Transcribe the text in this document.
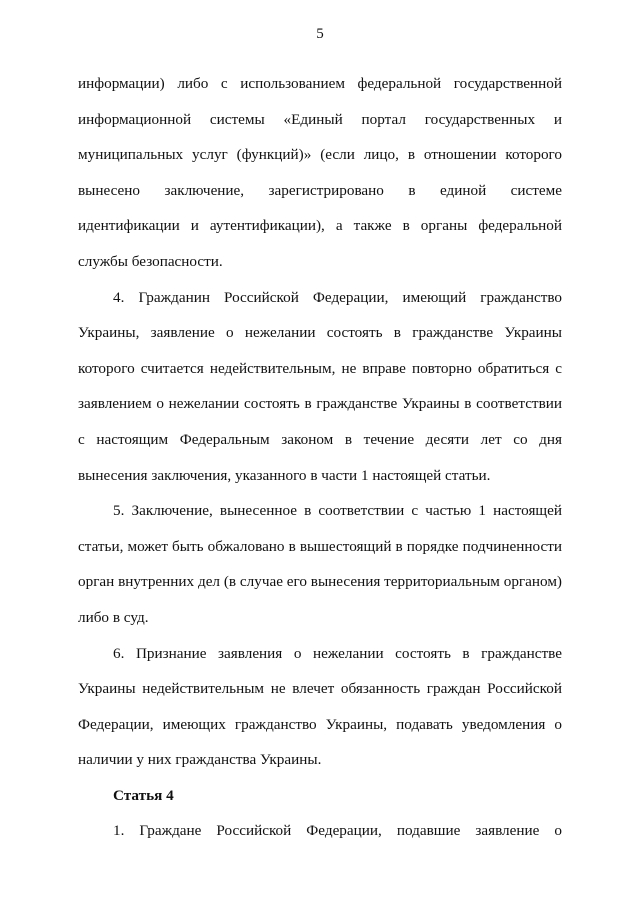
5

информации) либо с использованием федеральной государственной информационной системы «Единый портал государственных и муниципальных услуг (функций)» (если лицо, в отношении которого вынесено заключение, зарегистрировано в единой системе идентификации и аутентификации), а также в органы федеральной службы безопасности.

4. Гражданин Российской Федерации, имеющий гражданство Украины, заявление о нежелании состоять в гражданстве Украины которого считается недействительным, не вправе повторно обратиться с заявлением о нежелании состоять в гражданстве Украины в соответствии с настоящим Федеральным законом в течение десяти лет со дня вынесения заключения, указанного в части 1 настоящей статьи.

5. Заключение, вынесенное в соответствии с частью 1 настоящей статьи, может быть обжаловано в вышестоящий в порядке подчиненности орган внутренних дел (в случае его вынесения территориальным органом) либо в суд.

6. Признание заявления о нежелании состоять в гражданстве Украины недействительным не влечет обязанность граждан Российской Федерации, имеющих гражданство Украины, подавать уведомления о наличии у них гражданства Украины.

Статья 4

1. Граждане Российской Федерации, подавшие заявление о
